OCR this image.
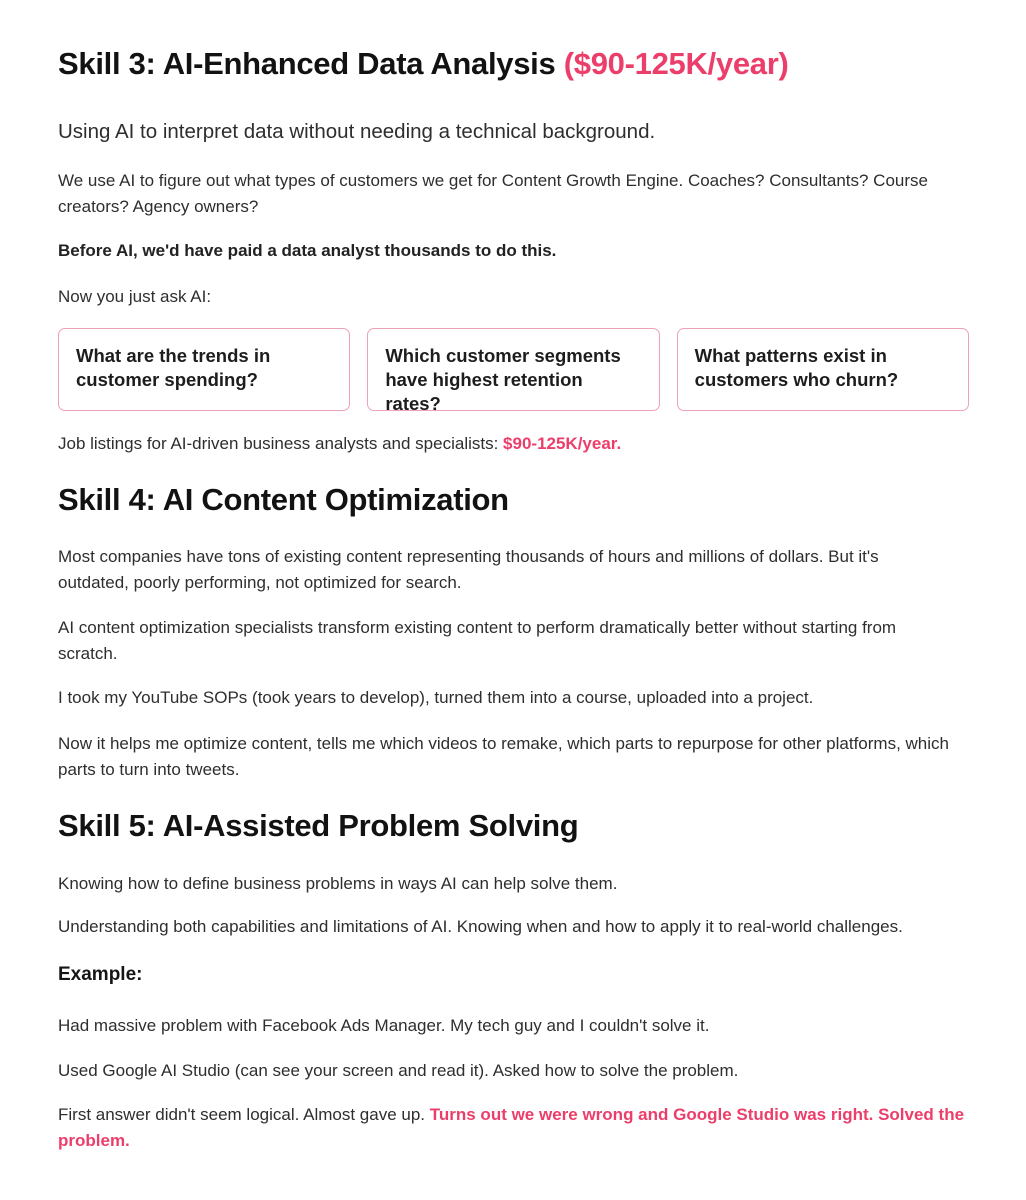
Skill 3: AI-Enhanced Data Analysis ($90-125K/year)

Using AI to interpret data without needing a technical background.

We use AI to figure out what types of customers we get for Content Growth Engine. Coaches? Consultants? Course creators? Agency owners?

Before AI, we'd have paid a data analyst thousands to do this.

Now you just ask AI:

What are the trends in customer spending?
Which customer segments have highest retention rates?
What patterns exist in customers who churn?

Job listings for AI-driven business analysts and specialists: $90-125K/year.

Skill 4: AI Content Optimization

Most companies have tons of existing content representing thousands of hours and millions of dollars. But it's outdated, poorly performing, not optimized for search.

AI content optimization specialists transform existing content to perform dramatically better without starting from scratch.

I took my YouTube SOPs (took years to develop), turned them into a course, uploaded into a project.

Now it helps me optimize content, tells me which videos to remake, which parts to repurpose for other platforms, which parts to turn into tweets.

Skill 5: AI-Assisted Problem Solving

Knowing how to define business problems in ways AI can help solve them.

Understanding both capabilities and limitations of AI. Knowing when and how to apply it to real-world challenges.

Example:

Had massive problem with Facebook Ads Manager. My tech guy and I couldn't solve it.

Used Google AI Studio (can see your screen and read it). Asked how to solve the problem.

First answer didn't seem logical. Almost gave up. Turns out we were wrong and Google Studio was right. Solved the problem.
